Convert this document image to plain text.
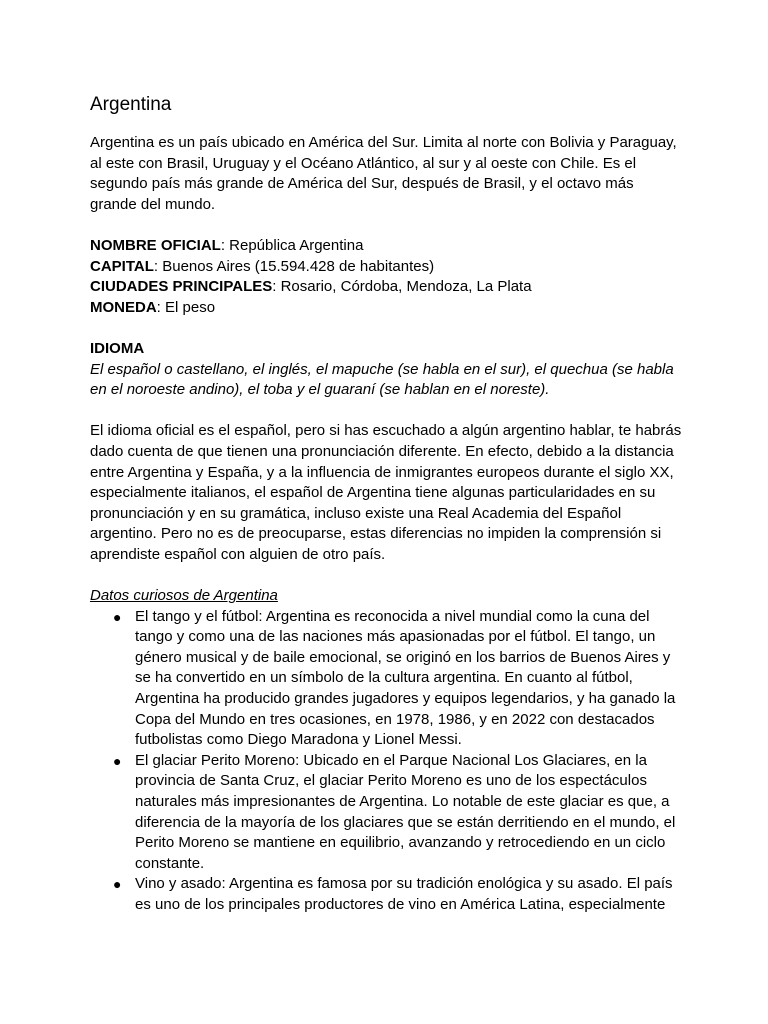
Argentina

Argentina es un país ubicado en América del Sur. Limita al norte con Bolivia y Paraguay, al este con Brasil, Uruguay y el Océano Atlántico, al sur y al oeste con Chile. Es el segundo país más grande de América del Sur, después de Brasil, y el octavo más grande del mundo.

NOMBRE OFICIAL: República Argentina

CAPITAL: Buenos Aires (15.594.428 de habitantes)

CIUDADES PRINCIPALES: Rosario, Córdoba, Mendoza, La Plata

MONEDA: El peso

IDIOMA

El español o castellano, el inglés, el mapuche (se habla en el sur), el quechua (se habla en el noroeste andino), el toba y el guaraní (se hablan en el noreste).

El idioma oficial es el español, pero si has escuchado a algún argentino hablar, te habrás dado cuenta de que tienen una pronunciación diferente. En efecto, debido a la distancia entre Argentina y España, y a la influencia de inmigrantes europeos durante el siglo XX, especialmente italianos, el español de Argentina tiene algunas particularidades en su pronunciación y en su gramática, incluso existe una Real Academia del Español argentino. Pero no es de preocuparse, estas diferencias no impiden la comprensión si aprendiste español con alguien de otro país.

Datos curiosos de Argentina

● El tango y el fútbol: Argentina es reconocida a nivel mundial como la cuna del tango y como una de las naciones más apasionadas por el fútbol. El tango, un género musical y de baile emocional, se originó en los barrios de Buenos Aires y se ha convertido en un símbolo de la cultura argentina. En cuanto al fútbol, Argentina ha producido grandes jugadores y equipos legendarios, y ha ganado la Copa del Mundo en tres ocasiones, en 1978, 1986, y en 2022 con destacados futbolistas como Diego Maradona y Lionel Messi.
● El glaciar Perito Moreno: Ubicado en el Parque Nacional Los Glaciares, en la provincia de Santa Cruz, el glaciar Perito Moreno es uno de los espectáculos naturales más impresionantes de Argentina. Lo notable de este glaciar es que, a diferencia de la mayoría de los glaciares que se están derritiendo en el mundo, el Perito Moreno se mantiene en equilibrio, avanzando y retrocediendo en un ciclo constante.
● Vino y asado: Argentina es famosa por su tradición enológica y su asado. El país es uno de los principales productores de vino en América Latina, especialmente
